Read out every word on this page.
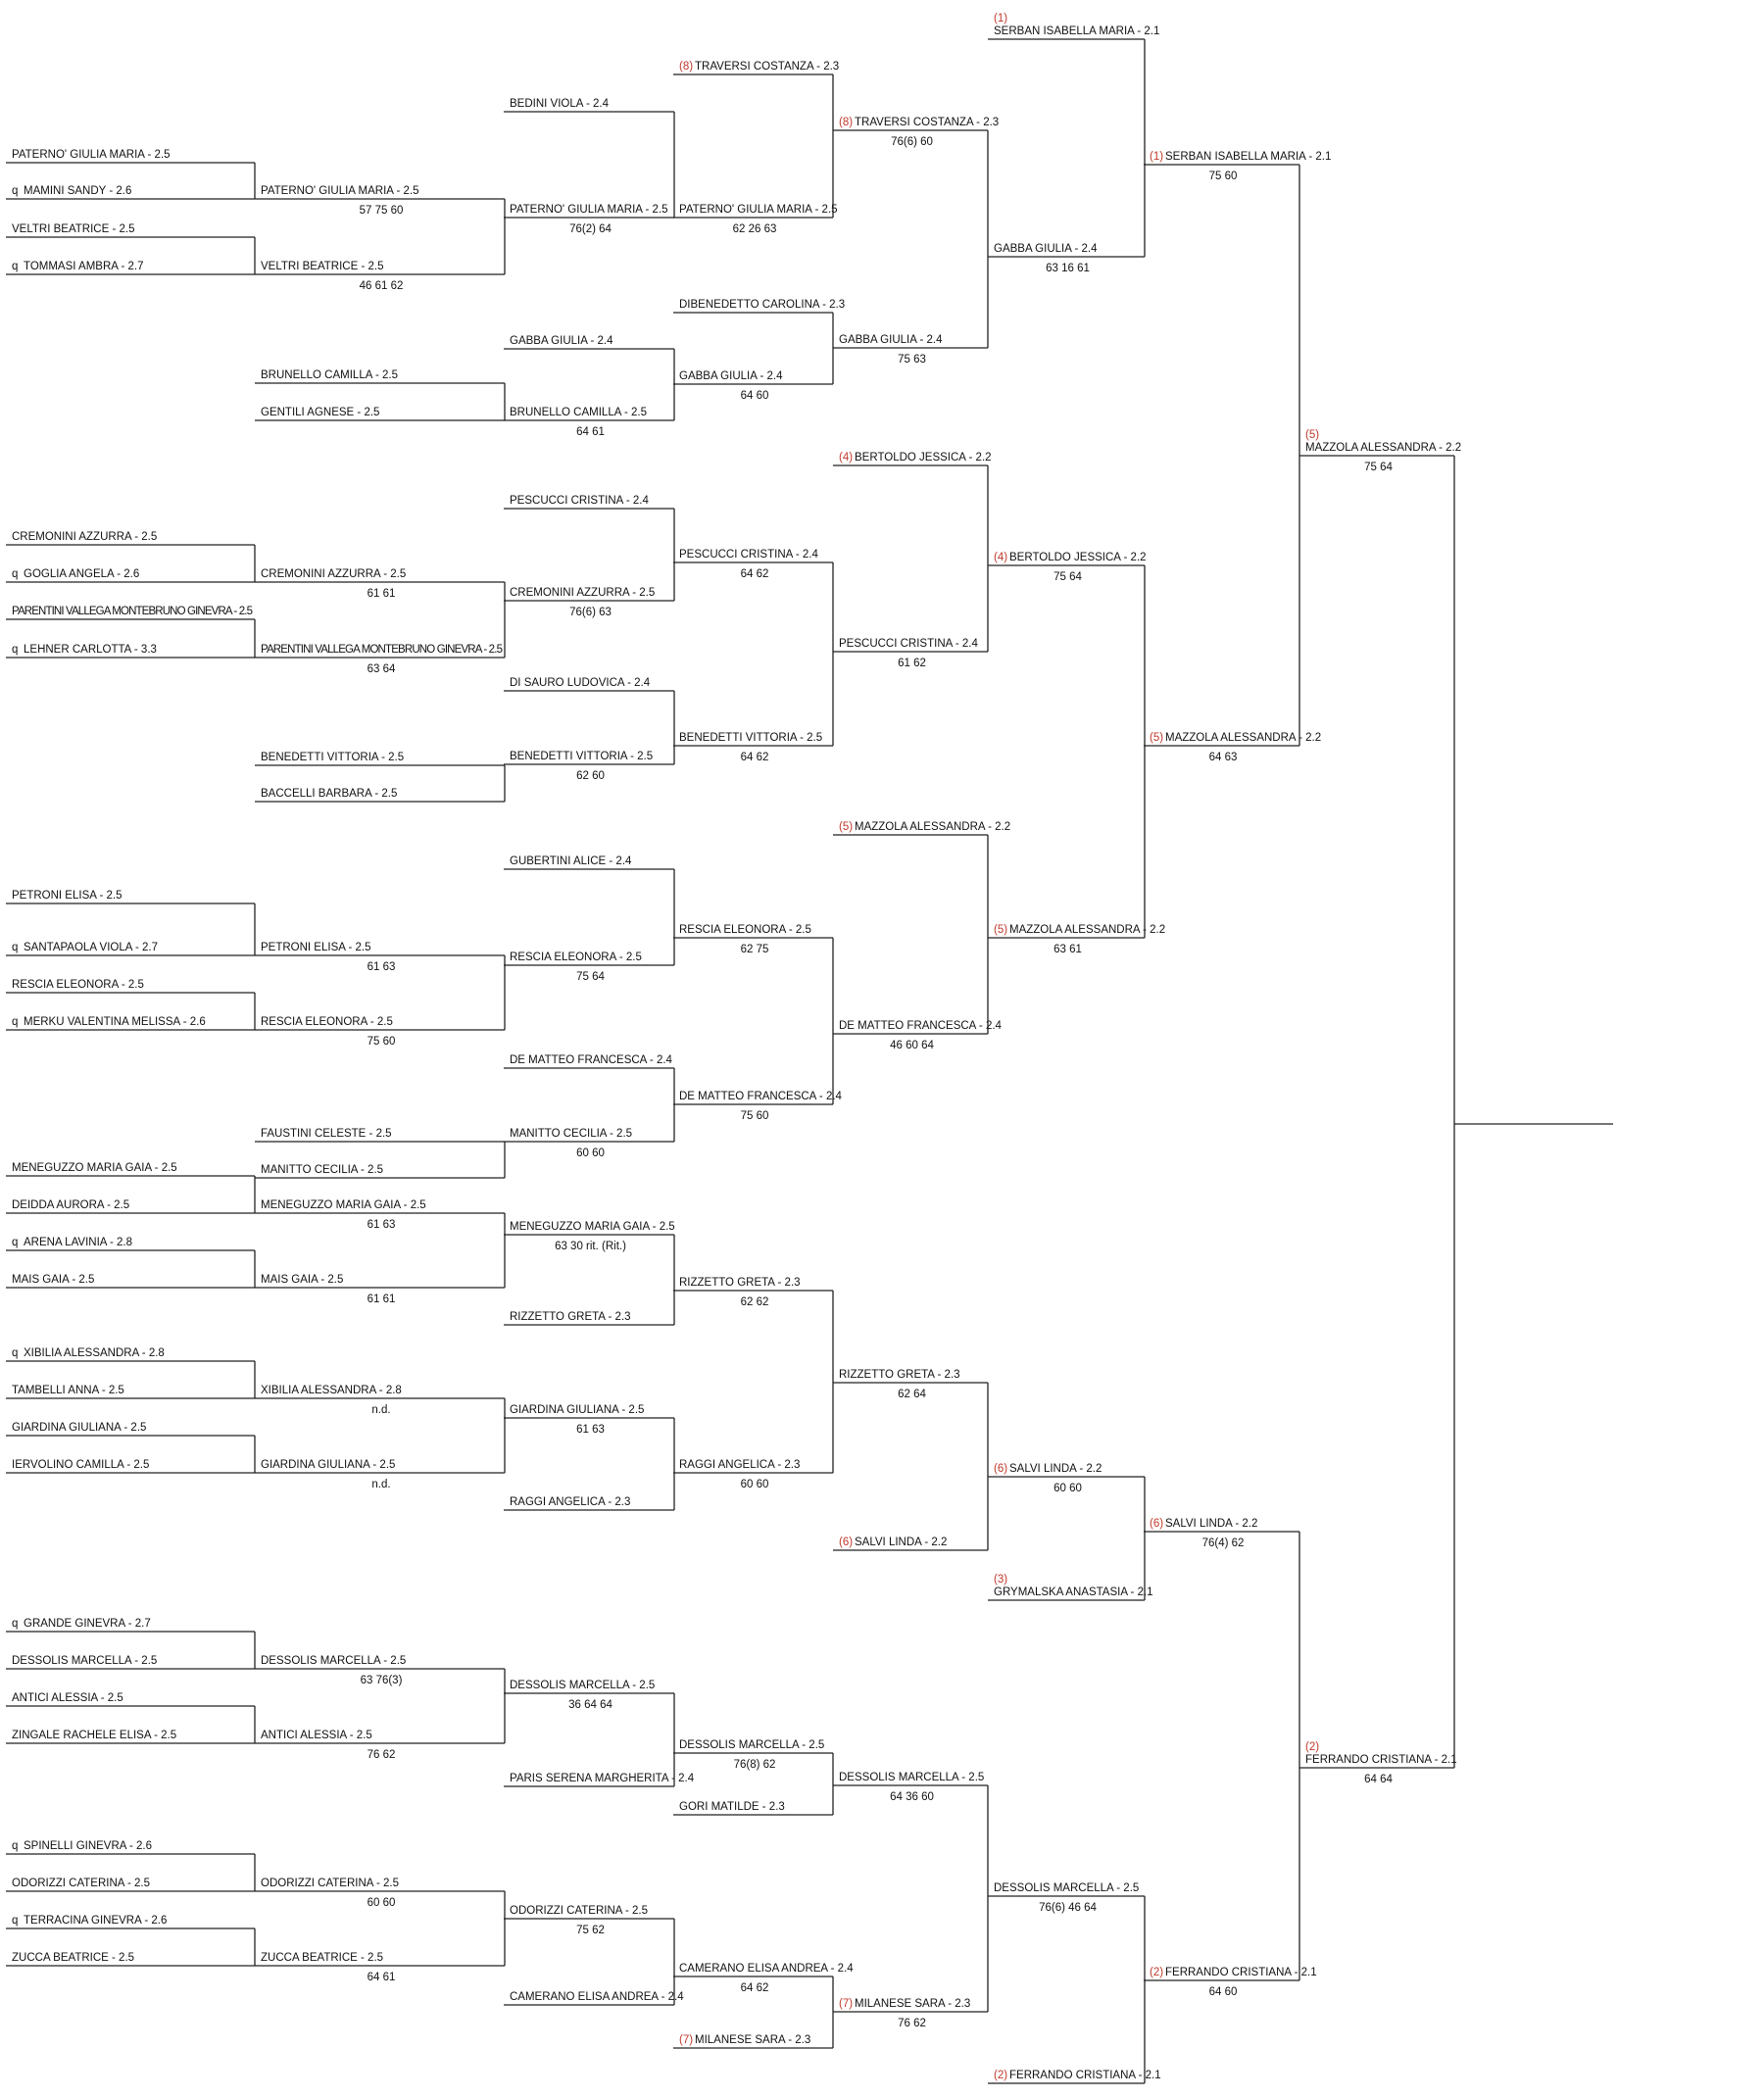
PATERNO' GIULIA MARIA - 2.5
q MAMINI SANDY - 2.6
VELTRI BEATRICE - 2.5
q TOMMASI AMBRA - 2.7
CREMONINI AZZURRA - 2.5
q GOGLIA ANGELA - 2.6
PARENTINI VALLEGA MONTEBRUNO GINEVRA - 2.5
q LEHNER CARLOTTA - 3.3
PETRONI ELISA - 2.5
q SANTAPAOLA VIOLA - 2.7
RESCIA ELEONORA - 2.5
q MERKU VALENTINA MELISSA - 2.6
MENEGUZZO MARIA GAIA - 2.5
DEIDDA AURORA - 2.5
q ARENA LAVINIA - 2.8
MAIS GAIA - 2.5
q XIBILIA ALESSANDRA - 2.8
TAMBELLI ANNA - 2.5
GIARDINA GIULIANA - 2.5
IERVOLINO CAMILLA - 2.5
q GRANDE GINEVRA - 2.7
DESSOLIS MARCELLA - 2.5
ANTICI ALESSIA - 2.5
ZINGALE RACHELE ELISA - 2.5
q SPINELLI GINEVRA - 2.6
ODORIZZI CATERINA - 2.5
q TERRACINA GINEVRA - 2.6
ZUCCA BEATRICE - 2.5
PATERNO' GIULIA MARIA - 2.5
57 75 60
VELTRI BEATRICE - 2.5
46 61 62
BRUNELLO CAMILLA - 2.5
GENTILI AGNESE - 2.5
CREMONINI AZZURRA - 2.5
61 61
PARENTINI VALLEGA MONTEBRUNO GINEVRA - 2.5
63 64
BENEDETTI VITTORIA - 2.5
BACCELLI BARBARA - 2.5
PETRONI ELISA - 2.5
61 63
RESCIA ELEONORA - 2.5
75 60
FAUSTINI CELESTE - 2.5
MANITTO CECILIA - 2.5
MENEGUZZO MARIA GAIA - 2.5
61 63
MAIS GAIA - 2.5
61 61
XIBILIA ALESSANDRA - 2.8
n.d.
GIARDINA GIULIANA - 2.5
n.d.
DESSOLIS MARCELLA - 2.5
63 76(3)
ANTICI ALESSIA - 2.5
76 62
ODORIZZI CATERINA - 2.5
60 60
ZUCCA BEATRICE - 2.5
64 61
BEDINI VIOLA - 2.4
PATERNO' GIULIA MARIA - 2.5
76(2) 64
GABBA GIULIA - 2.4
BRUNELLO CAMILLA - 2.5
64 61
PESCUCCI CRISTINA - 2.4
CREMONINI AZZURRA - 2.5
76(6) 63
DI SAURO LUDOVICA - 2.4
BENEDETTI VITTORIA - 2.5
62 60
GUBERTINI ALICE - 2.4
RESCIA ELEONORA - 2.5
75 64
DE MATTEO FRANCESCA - 2.4
MANITTO CECILIA - 2.5
60 60
MENEGUZZO MARIA GAIA - 2.5
63 30 rit. (Rit.)
RIZZETTO GRETA - 2.3
GIARDINA GIULIANA - 2.5
61 63
RAGGI ANGELICA - 2.3
DESSOLIS MARCELLA - 2.5
36 64 64
PARIS SERENA MARGHERITA - 2.4
ODORIZZI CATERINA - 2.5
75 62
CAMERANO ELISA ANDREA - 2.4
(8) TRAVERSI COSTANZA - 2.3
PATERNO' GIULIA MARIA - 2.5
62 26 63
DIBENEDETTO CAROLINA - 2.3
GABBA GIULIA - 2.4
64 60
PESCUCCI CRISTINA - 2.4
64 62
BENEDETTI VITTORIA - 2.5
64 62
RESCIA ELEONORA - 2.5
62 75
DE MATTEO FRANCESCA - 2.4
75 60
RIZZETTO GRETA - 2.3
62 62
RAGGI ANGELICA - 2.3
60 60
DESSOLIS MARCELLA - 2.5
76(8) 62
GORI MATILDE - 2.3
CAMERANO ELISA ANDREA - 2.4
64 62
(7) MILANESE SARA - 2.3
(8) TRAVERSI COSTANZA - 2.3
76(6) 60
GABBA GIULIA - 2.4
75 63
(4) BERTOLDO JESSICA - 2.2
PESCUCCI CRISTINA - 2.4
61 62
(5) MAZZOLA ALESSANDRA - 2.2
DE MATTEO FRANCESCA - 2.4
46 60 64
RIZZETTO GRETA - 2.3
62 64
(6) SALVI LINDA - 2.2
DESSOLIS MARCELLA - 2.5
64 36 60
(7) MILANESE SARA - 2.3
76 62
(1)
SERBAN ISABELLA MARIA - 2.1
GABBA GIULIA - 2.4
63 16 61
(4) BERTOLDO JESSICA - 2.2
75 64
(5) MAZZOLA ALESSANDRA - 2.2
63 61
(6) SALVI LINDA - 2.2
60 60
(3)
GRYMALSKA ANASTASIA - 2.1
DESSOLIS MARCELLA - 2.5
76(6) 46 64
(2) FERRANDO CRISTIANA - 2.1
(1) SERBAN ISABELLA MARIA - 2.1
75 60
(5) MAZZOLA ALESSANDRA - 2.2
64 63
(6) SALVI LINDA - 2.2
76(4) 62
(2) FERRANDO CRISTIANA - 2.1
64 60
(5)
MAZZOLA ALESSANDRA - 2.2
75 64
(2)
FERRANDO CRISTIANA - 2.1
64 64
